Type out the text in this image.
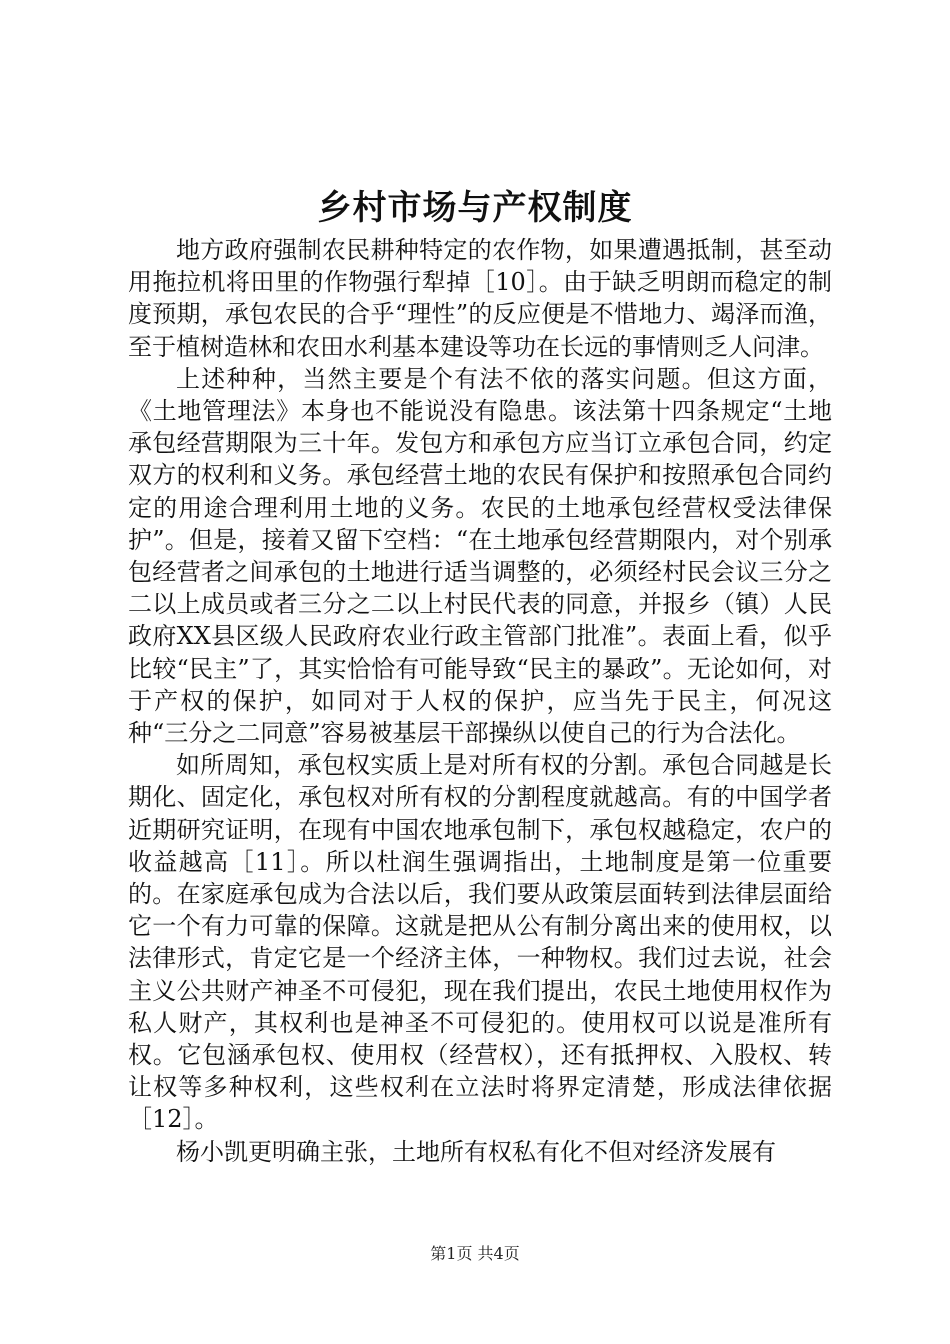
乡村市场与产权制度

地方政府强制农民耕种特定的农作物，如果遭遇抵制，甚至动用拖拉机将田里的作物强行犁掉［10］。由于缺乏明朗而稳定的制度预期，承包农民的合乎“理性”的反应便是不惜地力、竭泽而渔，至于植树造林和农田水利基本建设等功在长远的事情则乏人问津。

上述种种，当然主要是个有法不依的落实问题。但这方面，《土地管理法》本身也不能说没有隐患。该法第十四条规定“土地承包经营期限为三十年。发包方和承包方应当订立承包合同，约定双方的权利和义务。承包经营土地的农民有保护和按照承包合同约定的用途合理利用土地的义务。农民的土地承包经营权受法律保护”。但是，接着又留下空档：“在土地承包经营期限内，对个别承包经营者之间承包的土地进行适当调整的，必须经村民会议三分之二以上成员或者三分之二以上村民代表的同意，并报乡（镇）人民政府XX县区级人民政府农业行政主管部门批准”。表面上看，似乎比较“民主”了，其实恰恰有可能导致“民主的暴政”。无论如何，对于产权的保护，如同对于人权的保护，应当先于民主，何况这种“三分之二同意”容易被基层干部操纵以使自己的行为合法化。

如所周知，承包权实质上是对所有权的分割。承包合同越是长期化、固定化，承包权对所有权的分割程度就越高。有的中国学者近期研究证明，在现有中国农地承包制下，承包权越稳定，农户的收益越高［11］。所以杜润生强调指出，土地制度是第一位重要的。在家庭承包成为合法以后，我们要从政策层面转到法律层面给它一个有力可靠的保障。这就是把从公有制分离出来的使用权，以法律形式，肯定它是一个经济主体，一种物权。我们过去说，社会主义公共财产神圣不可侵犯，现在我们提出，农民土地使用权作为私人财产，其权利也是神圣不可侵犯的。使用权可以说是准所有权。它包涵承包权、使用权（经营权），还有抵押权、入股权、转让权等多种权利，这些权利在立法时将界定清楚，形成法律依据［12］。

杨小凯更明确主张，土地所有权私有化不但对经济发展有

第1页 共4页
